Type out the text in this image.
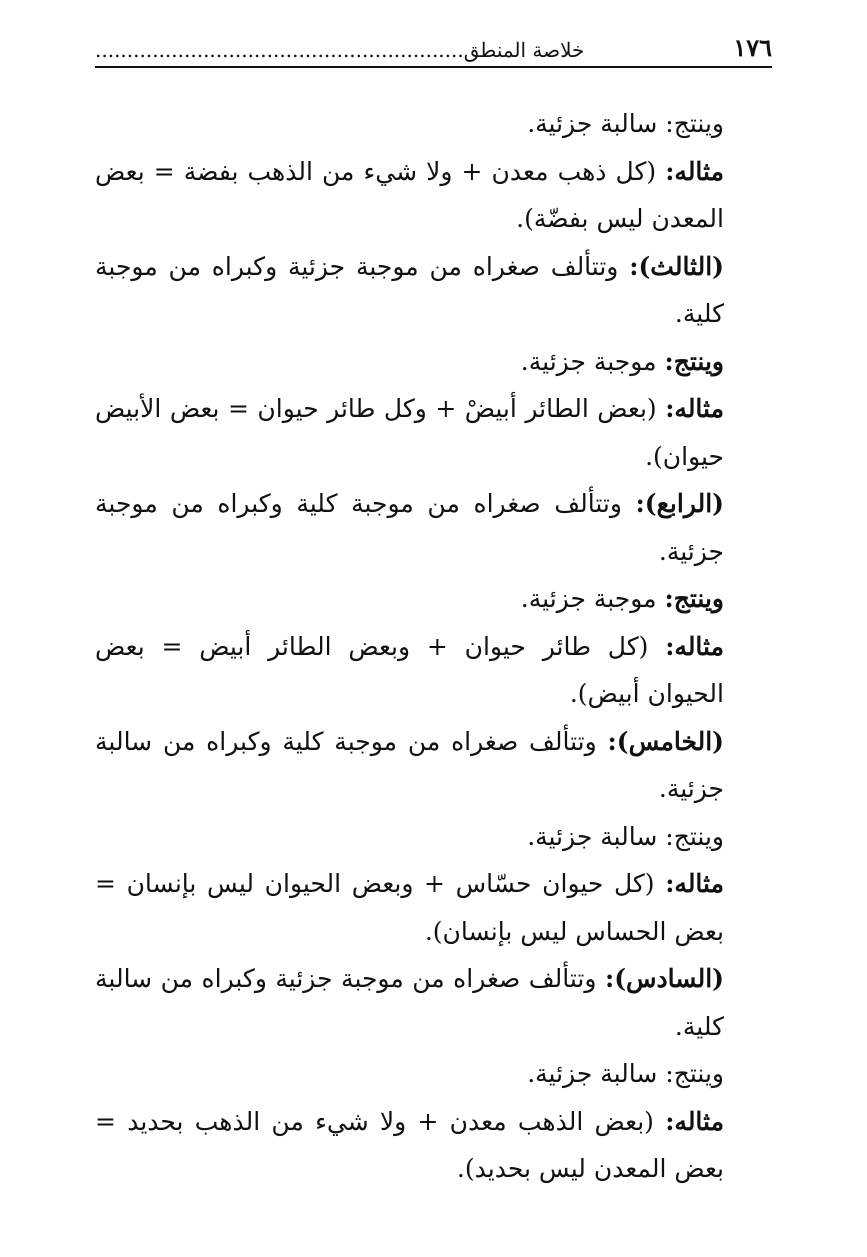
خلاصة المنطق..........................................................	١٧٦

وينتج: سالبة جزئية.

مثاله: (كل ذهب معدن + ولا شيء من الذهب بفضة = بعض المعدن ليس بفضّة).

(الثالث): وتتألف صغراه من موجبة جزئية وكبراه من موجبة كلية.

وينتج: موجبة جزئية.

مثاله: (بعض الطائر أبيضْ + وكل طائر حيوان = بعض الأبيض حيوان).

(الرابع): وتتألف صغراه من موجبة كلية وكبراه من موجبة جزئية.

وينتج: موجبة جزئية.

مثاله: (كل طائر حيوان + وبعض الطائر أبيض = بعض الحيوان أبيض).

(الخامس): وتتألف صغراه من موجبة كلية وكبراه من سالبة جزئية.

وينتج: سالبة جزئية.

مثاله: (كل حيوان حسّاس + وبعض الحيوان ليس بإنسان = بعض الحساس ليس بإنسان).

(السادس): وتتألف صغراه من موجبة جزئية وكبراه من سالبة كلية.

وينتج: سالبة جزئية.

مثاله: (بعض الذهب معدن + ولا شيء من الذهب بحديد = بعض المعدن ليس بحديد).
